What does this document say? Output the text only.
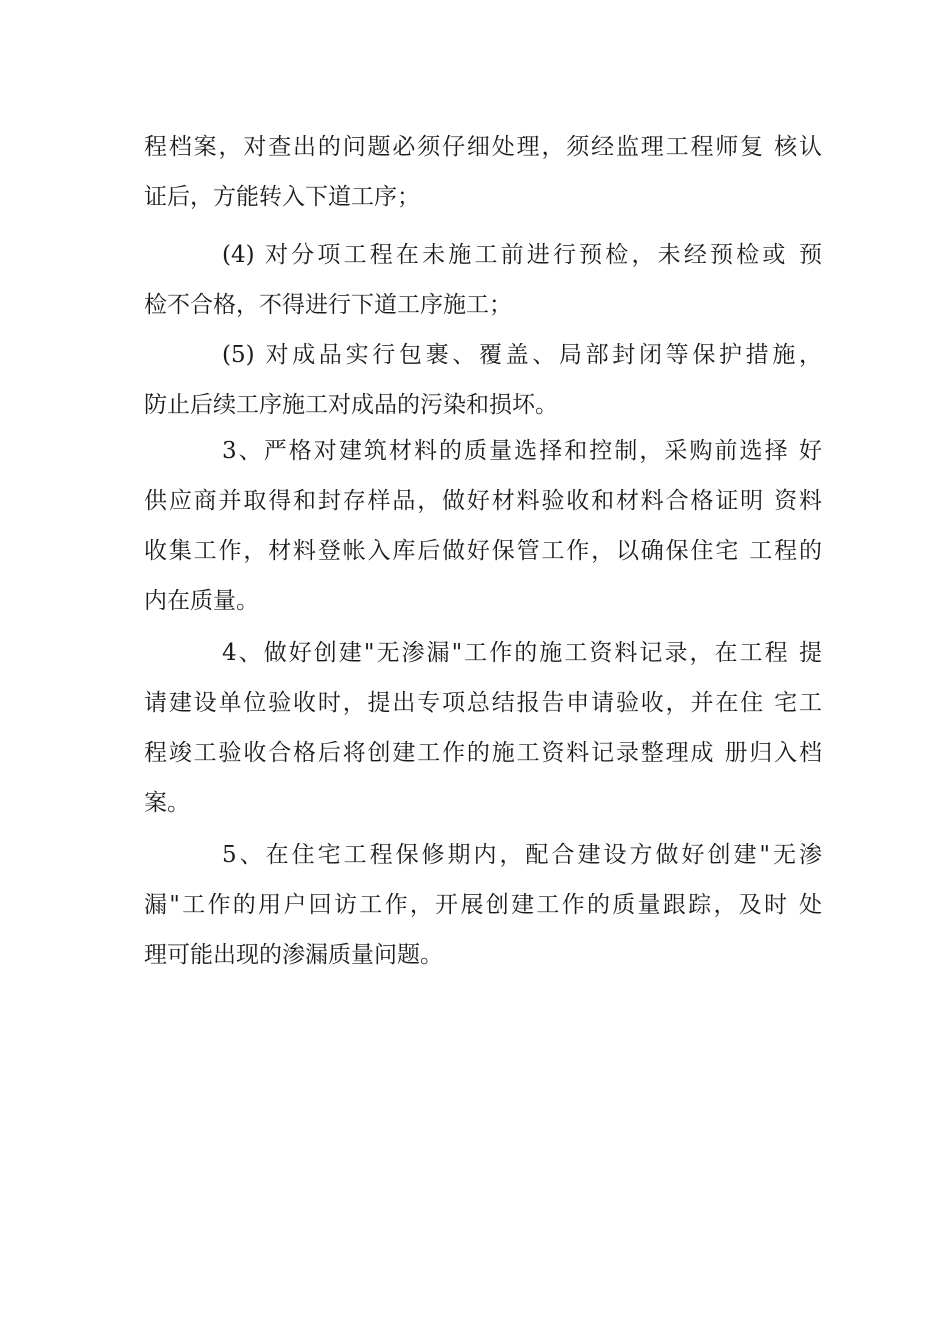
程档案，对查出的问题必须仔细处理，须经监理工程师复 核认
证后，方能转入下道工序；
(4) 对分项工程在未施工前进行预检，未经预检或 预
检不合格，不得进行下道工序施工；
(5) 对成品实行包裹、覆盖、局部封闭等保护措施，
防止后续工序施工对成品的污染和损坏。
3、严格对建筑材料的质量选择和控制，采购前选择 好
供应商并取得和封存样品，做好材料验收和材料合格证明 资料
收集工作，材料登帐入库后做好保管工作，以确保住宅 工程的
内在质量。
4、做好创建"无渗漏"工作的施工资料记录，在工程 提
请建设单位验收时，提出专项总结报告申请验收，并在住 宅工
程竣工验收合格后将创建工作的施工资料记录整理成 册归入档
案。
5、在住宅工程保修期内，配合建设方做好创建"无渗
漏"工作的用户回访工作，开展创建工作的质量跟踪，及时 处
理可能出现的渗漏质量问题。
